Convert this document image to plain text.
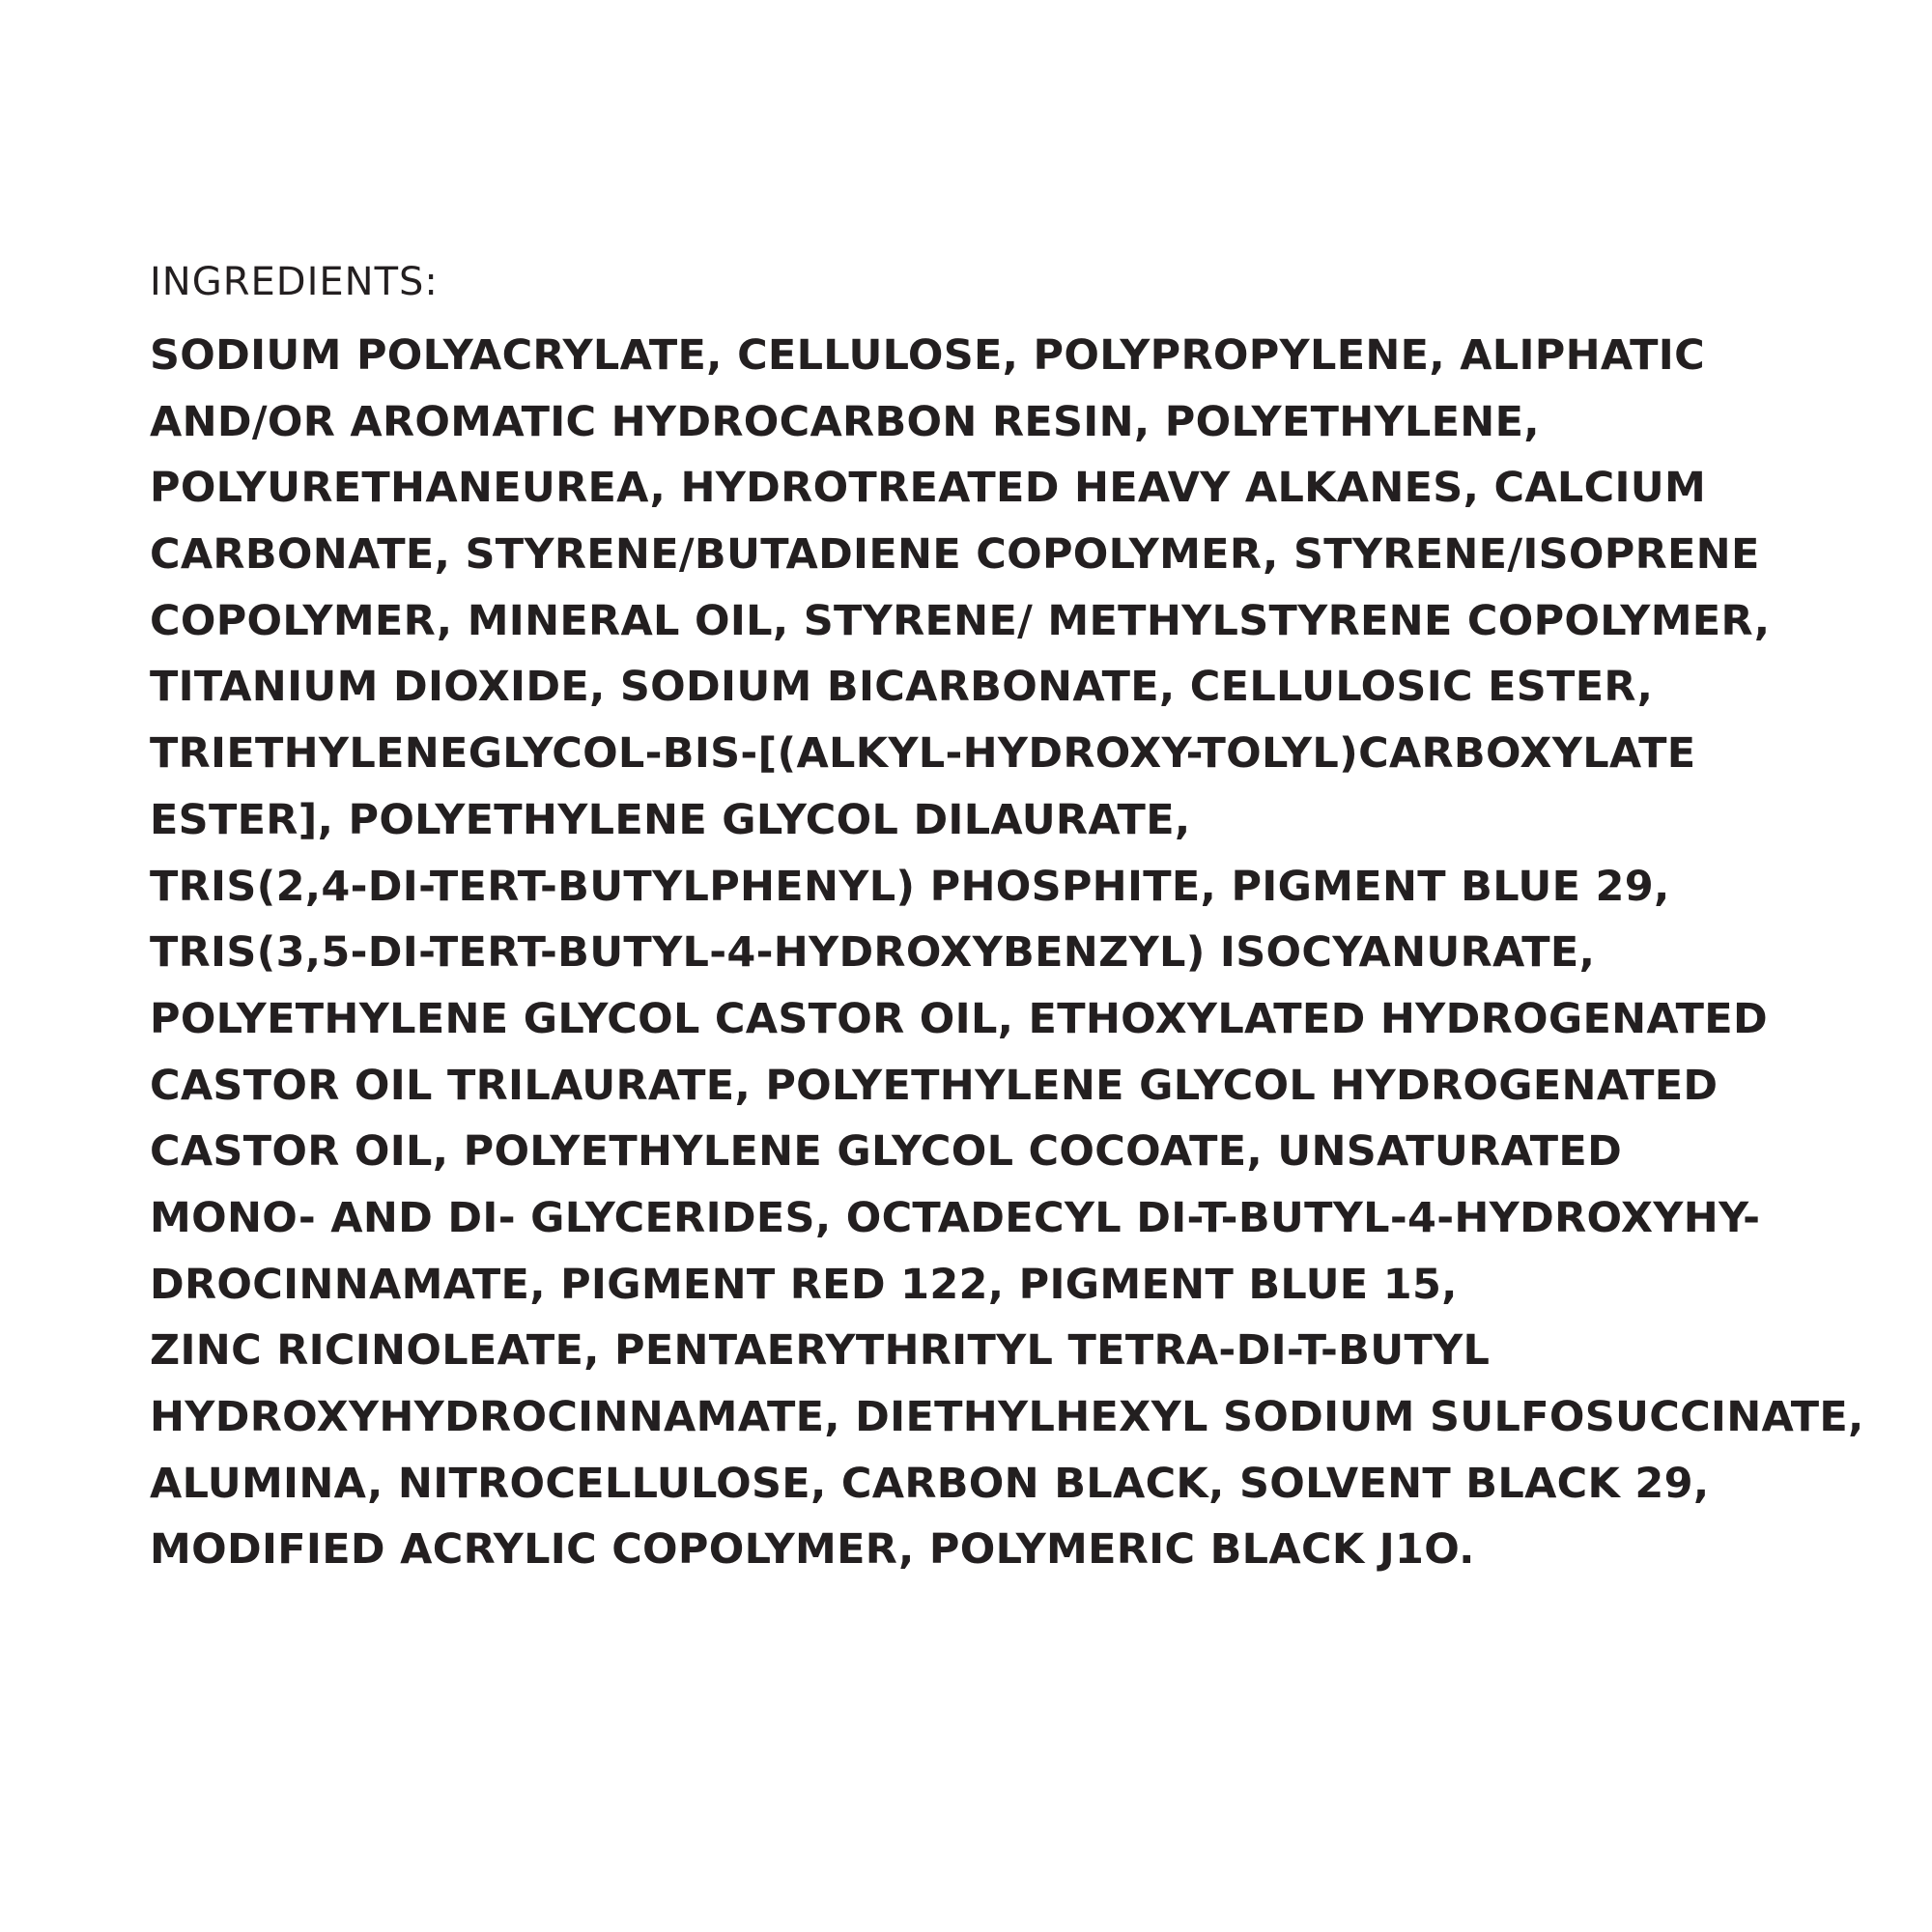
INGREDIENTS:
SODIUM POLYACRYLATE, CELLULOSE, POLYPROPYLENE, ALIPHATIC
AND/OR AROMATIC HYDROCARBON RESIN, POLYETHYLENE,
POLYURETHANEUREA, HYDROTREATED HEAVY ALKANES, CALCIUM
CARBONATE, STYRENE/BUTADIENE COPOLYMER, STYRENE/ISOPRENE
COPOLYMER, MINERAL OIL, STYRENE/ METHYLSTYRENE COPOLYMER,
TITANIUM DIOXIDE, SODIUM BICARBONATE, CELLULOSIC ESTER,
TRIETHYLENEGLYCOL-BIS-[(ALKYL-HYDROXY-TOLYL)CARBOXYLATE
ESTER], POLYETHYLENE GLYCOL DILAURATE,
TRIS(2,4-DI-TERT-BUTYLPHENYL) PHOSPHITE, PIGMENT BLUE 29,
TRIS(3,5-DI-TERT-BUTYL-4-HYDROXYBENZYL) ISOCYANURATE,
POLYETHYLENE GLYCOL CASTOR OIL, ETHOXYLATED HYDROGENATED
CASTOR OIL TRILAURATE, POLYETHYLENE GLYCOL HYDROGENATED
CASTOR OIL, POLYETHYLENE GLYCOL COCOATE, UNSATURATED
MONO- AND DI- GLYCERIDES, OCTADECYL DI-T-BUTYL-4-HYDROXYHY-
DROCINNAMATE, PIGMENT RED 122, PIGMENT BLUE 15,
ZINC RICINOLEATE, PENTAERYTHRITYL TETRA-DI-T-BUTYL
HYDROXYHYDROCINNAMATE, DIETHYLHEXYL SODIUM SULFOSUCCINATE,
ALUMINA, NITROCELLULOSE, CARBON BLACK, SOLVENT BLACK 29,
MODIFIED ACRYLIC COPOLYMER, POLYMERIC BLACK J1O.
